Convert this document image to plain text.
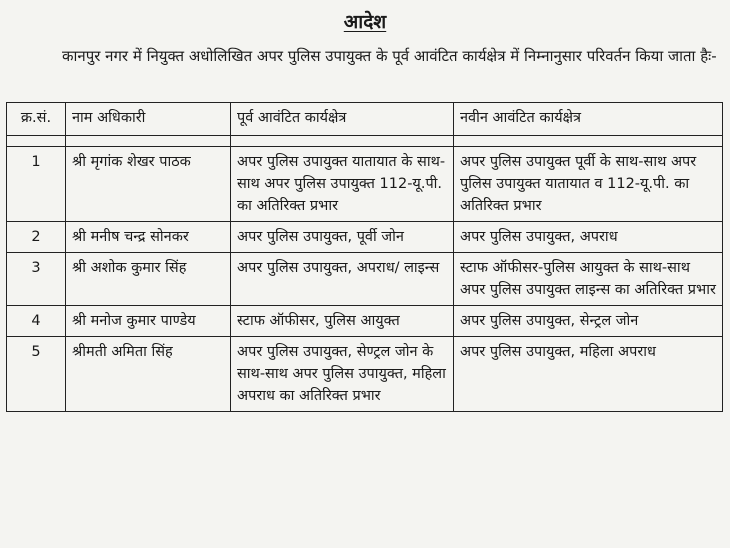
आदेश
कानपुर नगर में नियुक्त अधोलिखित अपर पुलिस उपायुक्त के पूर्व आवंटित कार्यक्षेत्र में निम्नानुसार परिवर्तन किया जाता हैः-
क्र.सं.	नाम अधिकारी	पूर्व आवंटित कार्यक्षेत्र	नवीन आवंटित कार्यक्षेत्र

1	श्री मृगांक शेखर पाठक	अपर पुलिस उपायुक्त यातायात के साथ-साथ अपर पुलिस उपायुक्त 112-यू.पी. का अतिरिक्त प्रभार	अपर पुलिस उपायुक्त पूर्वी के साथ-साथ अपर पुलिस उपायुक्त यातायात व 112-यू.पी. का अतिरिक्त प्रभार
2	श्री मनीष चन्द्र सोनकर	अपर पुलिस उपायुक्त, पूर्वी जोन	अपर पुलिस उपायुक्त, अपराध
3	श्री अशोक कुमार सिंह	अपर पुलिस उपायुक्त, अपराध/ लाइन्स	स्टाफ ऑफीसर-पुलिस आयुक्त के साथ-साथ अपर पुलिस उपायुक्त लाइन्स का अतिरिक्त प्रभार
4	श्री मनोज कुमार पाण्डेय	स्टाफ ऑफीसर, पुलिस आयुक्त	अपर पुलिस उपायुक्त, सेन्ट्रल जोन
5	श्रीमती अमिता सिंह	अपर पुलिस उपायुक्त, सेण्ट्रल जोन के साथ-साथ अपर पुलिस उपायुक्त, महिला अपराध का अतिरिक्त प्रभार	अपर पुलिस उपायुक्त, महिला अपराध
